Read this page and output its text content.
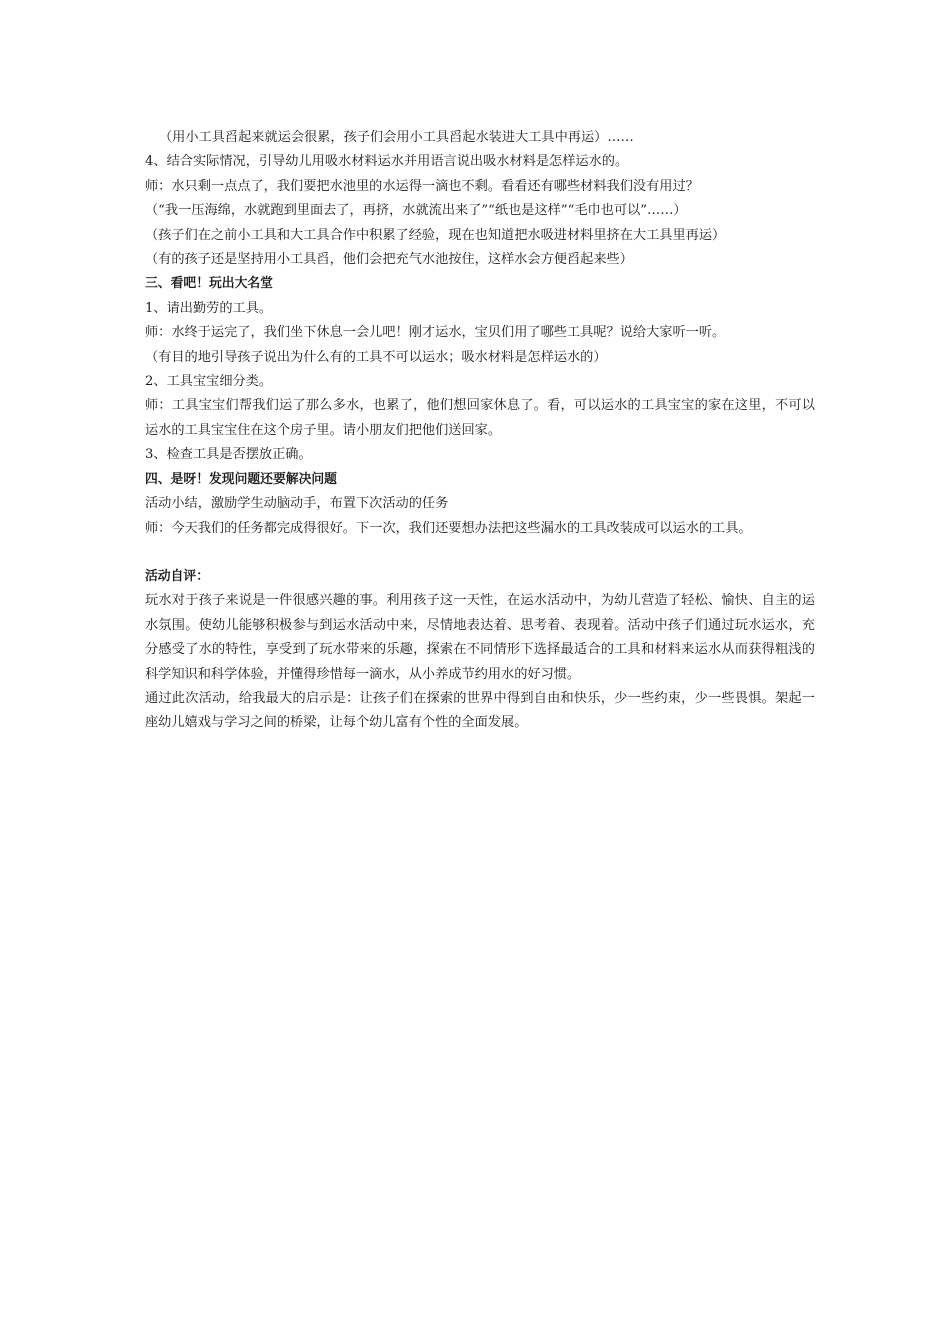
（用小工具舀起来就运会很累，孩子们会用小工具舀起水装进大工具中再运）……
4、结合实际情况，引导幼儿用吸水材料运水并用语言说出吸水材料是怎样运水的。
师：水只剩一点点了，我们要把水池里的水运得一滴也不剩。看看还有哪些材料我们没有用过？
（“我一压海绵，水就跑到里面去了，再挤，水就流出来了”“纸也是这样”“毛巾也可以”……）
（孩子们在之前小工具和大工具合作中积累了经验，现在也知道把水吸进材料里挤在大工具里再运）
（有的孩子还是坚持用小工具舀，他们会把充气水池按住，这样水会方便舀起来些）
三、看吧！玩出大名堂
1、请出勤劳的工具。
师：水终于运完了，我们坐下休息一会儿吧！刚才运水，宝贝们用了哪些工具呢？说给大家听一听。
（有目的地引导孩子说出为什么有的工具不可以运水；吸水材料是怎样运水的）
2、工具宝宝细分类。
师：工具宝宝们帮我们运了那么多水，也累了，他们想回家休息了。看，可以运水的工具宝宝的家在这里，不可以运水的工具宝宝住在这个房子里。请小朋友们把他们送回家。
3、检查工具是否摆放正确。
四、是呀！发现问题还要解决问题
活动小结，激励学生动脑动手，布置下次活动的任务
师：今天我们的任务都完成得很好。下一次，我们还要想办法把这些漏水的工具改装成可以运水的工具。
活动自评：
玩水对于孩子来说是一件很感兴趣的事。利用孩子这一天性，在运水活动中，为幼儿营造了轻松、愉快、自主的运水氛围。使幼儿能够积极参与到运水活动中来，尽情地表达着、思考着、表现着。活动中孩子们通过玩水运水，充分感受了水的特性，享受到了玩水带来的乐趣，探索在不同情形下选择最适合的工具和材料来运水从而获得粗浅的科学知识和科学体验，并懂得珍惜每一滴水，从小养成节约用水的好习惯。
通过此次活动，给我最大的启示是：让孩子们在探索的世界中得到自由和快乐，少一些约束，少一些畏惧。架起一座幼儿嬉戏与学习之间的桥梁，让每个幼儿富有个性的全面发展。
